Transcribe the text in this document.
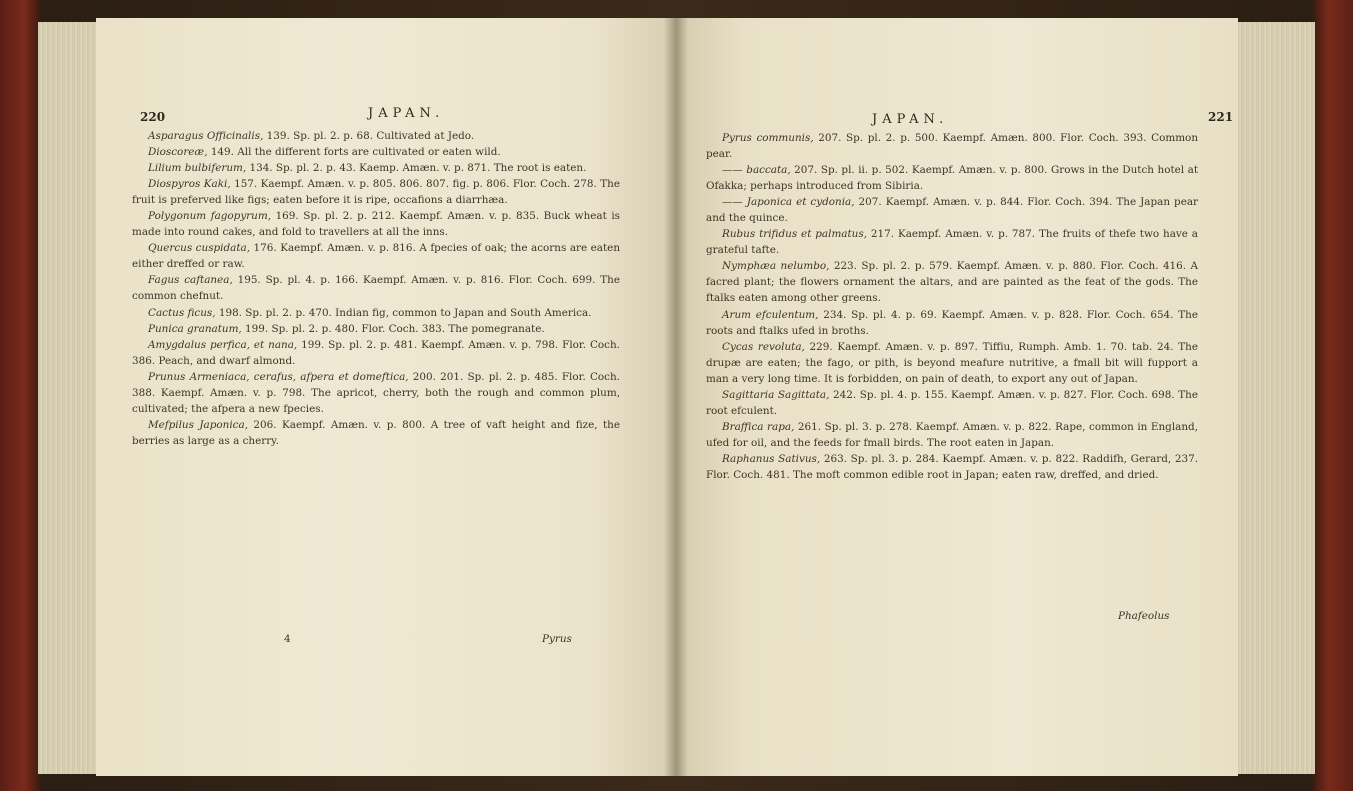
220	JAPAN.

Asparagus Officinalis, 139. Sp. pl. 2. p. 68. Cultivated at Jedo.

Dioscoreæ, 149. All the different forts are cultivated or eaten wild.

Lilium bulbiferum, 134. Sp. pl. 2. p. 43. Kaemp. Amæn. v. p. 871. The root is eaten.

Diospyros Kaki, 157. Kaempf. Amæn. v. p. 805. 806. 807. fig. p. 806. Flor. Coch. 278. The fruit is preferved like figs; eaten before it is ripe, occafions a diarrhæa.

Polygonum fagopyrum, 169. Sp. pl. 2. p. 212. Kaempf. Amæn. v. p. 835. Buck wheat is made into round cakes, and fold to travellers at all the inns.

Quercus cuspidata, 176. Kaempf. Amæn. v. p. 816. A fpecies of oak; the acorns are eaten either dreffed or raw.

Fagus caftanea, 195. Sp. pl. 4. p. 166. Kaempf. Amæn. v. p. 816. Flor. Coch. 699. The common chefnut.

Cactus ficus, 198. Sp. pl. 2. p. 470. Indian fig, common to Japan and South America.

Punica granatum, 199. Sp. pl. 2. p. 480. Flor. Coch. 383. The pomegranate.

Amygdalus perfica, et nana, 199. Sp. pl. 2. p. 481. Kaempf. Amæn. v. p. 798. Flor. Coch. 386. Peach, and dwarf almond.

Prunus Armeniaca, cerafus, afpera et domeftica, 200. 201. Sp. pl. 2. p. 485. Flor. Coch. 388. Kaempf. Amæn. v. p. 798. The apricot, cherry, both the rough and common plum, cultivated; the afpera a new fpecies.

Mefpilus Japonica, 206. Kaempf. Amæn. v. p. 800. A tree of vaft height and fize, the berries as large as a cherry.

4	Pyrus
JAPAN.	221

Pyrus communis, 207. Sp. pl. 2. p. 500. Kaempf. Amæn. 800. Flor. Coch. 393. Common pear.

—— baccata, 207. Sp. pl. ii. p. 502. Kaempf. Amæn. v. p. 800. Grows in the Dutch hotel at Ofakka; perhaps introduced from Sibiria.

—— Japonica et cydonia, 207. Kaempf. Amæn. v. p. 844. Flor. Coch. 394. The Japan pear and the quince.

Rubus trifidus et palmatus, 217. Kaempf. Amæn. v. p. 787. The fruits of thefe two have a grateful tafte.

Nymphæa nelumbo, 223. Sp. pl. 2. p. 579. Kaempf. Amæn. v. p. 880. Flor. Coch. 416. A facred plant; the flowers ornament the altars, and are painted as the feat of the gods. The ftalks eaten among other greens.

Arum efculentum, 234. Sp. pl. 4. p. 69. Kaempf. Amæn. v. p. 828. Flor. Coch. 654. The roots and ftalks ufed in broths.

Cycas revoluta, 229. Kaempf. Amæn. v. p. 897. Tiffiu, Rumph. Amb. 1. 70. tab. 24. The drupæ are eaten; the fago, or pith, is beyond meafure nutritive, a fmall bit will fupport a man a very long time. It is forbidden, on pain of death, to export any out of Japan.

Sagittaria Sagittata, 242. Sp. pl. 4. p. 155. Kaempf. Amæn. v. p. 827. Flor. Coch. 698. The root efculent.

Braffica rapa, 261. Sp. pl. 3. p. 278. Kaempf. Amæn. v. p. 822. Rape, common in England, ufed for oil, and the feeds for fmall birds. The root eaten in Japan.

Raphanus Sativus, 263. Sp. pl. 3. p. 284. Kaempf. Amæn. v. p. 822. Raddifh, Gerard, 237. Flor. Coch. 481. The moft common edible root in Japan; eaten raw, dreffed, and dried.

Phafeolus
